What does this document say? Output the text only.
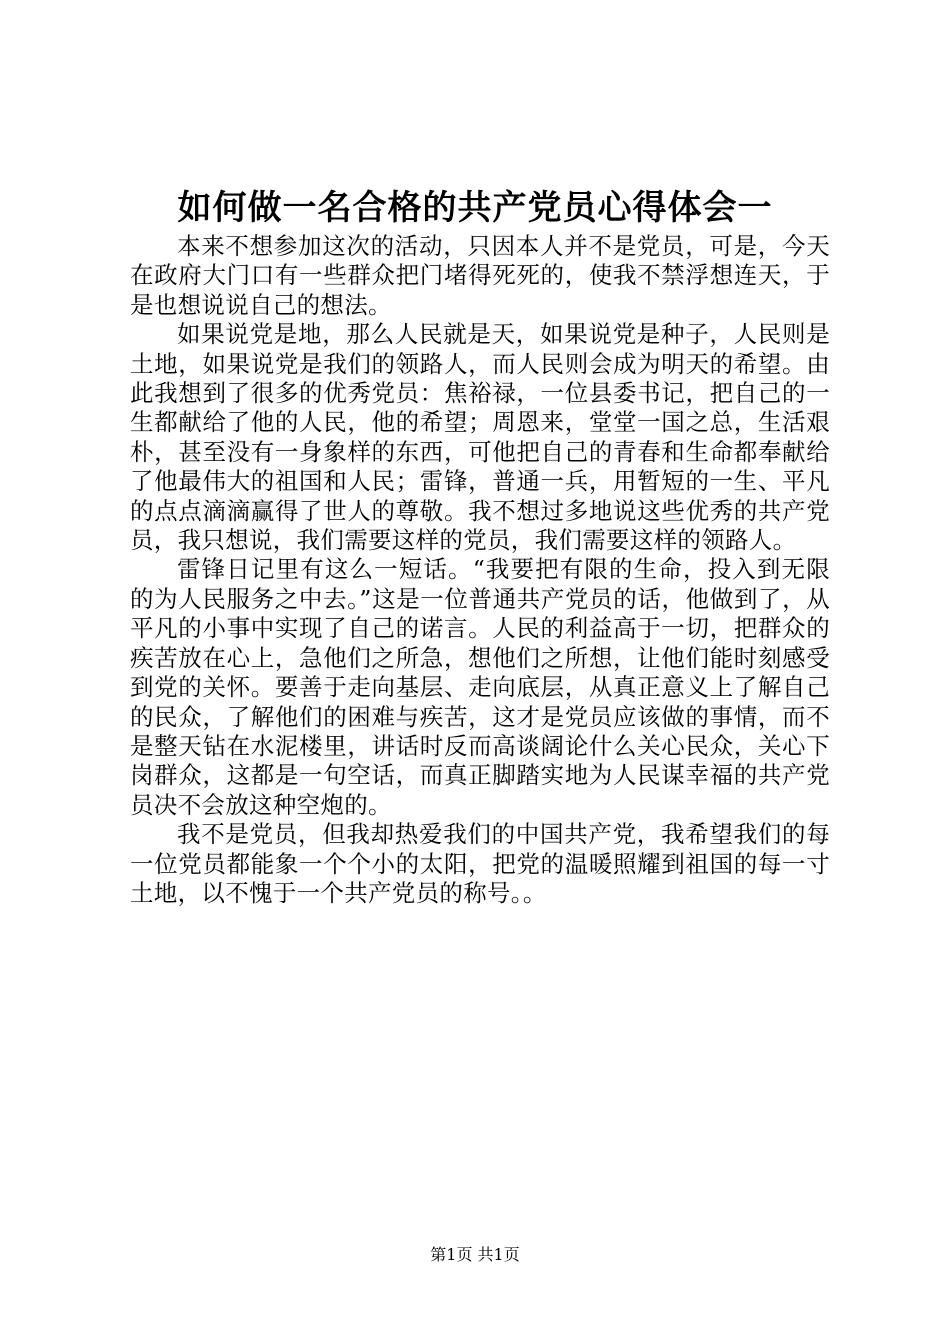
如何做一名合格的共产党员心得体会一

本来不想参加这次的活动，只因本人并不是党员，可是，今天在政府大门口有一些群众把门堵得死死的，使我不禁浮想连天，于是也想说说自己的想法。

如果说党是地，那么人民就是天，如果说党是种子，人民则是土地，如果说党是我们的领路人，而人民则会成为明天的希望。由此我想到了很多的优秀党员：焦裕禄，一位县委书记，把自己的一生都献给了他的人民，他的希望；周恩来，堂堂一国之总，生活艰朴，甚至没有一身象样的东西，可他把自己的青春和生命都奉献给了他最伟大的祖国和人民；雷锋，普通一兵，用暂短的一生、平凡的点点滴滴赢得了世人的尊敬。我不想过多地说这些优秀的共产党员，我只想说，我们需要这样的党员，我们需要这样的领路人。

雷锋日记里有这么一短话。“我要把有限的生命，投入到无限的为人民服务之中去。”这是一位普通共产党员的话，他做到了，从平凡的小事中实现了自己的诺言。人民的利益高于一切，把群众的疾苦放在心上，急他们之所急，想他们之所想，让他们能时刻感受到党的关怀。要善于走向基层、走向底层，从真正意义上了解自己的民众，了解他们的困难与疾苦，这才是党员应该做的事情，而不是整天钻在水泥楼里，讲话时反而高谈阔论什么关心民众，关心下岗群众，这都是一句空话，而真正脚踏实地为人民谋幸福的共产党员决不会放这种空炮的。

我不是党员，但我却热爱我们的中国共产党，我希望我们的每一位党员都能象一个个小的太阳，把党的温暖照耀到祖国的每一寸土地，以不愧于一个共产党员的称号。。

第1页 共1页
